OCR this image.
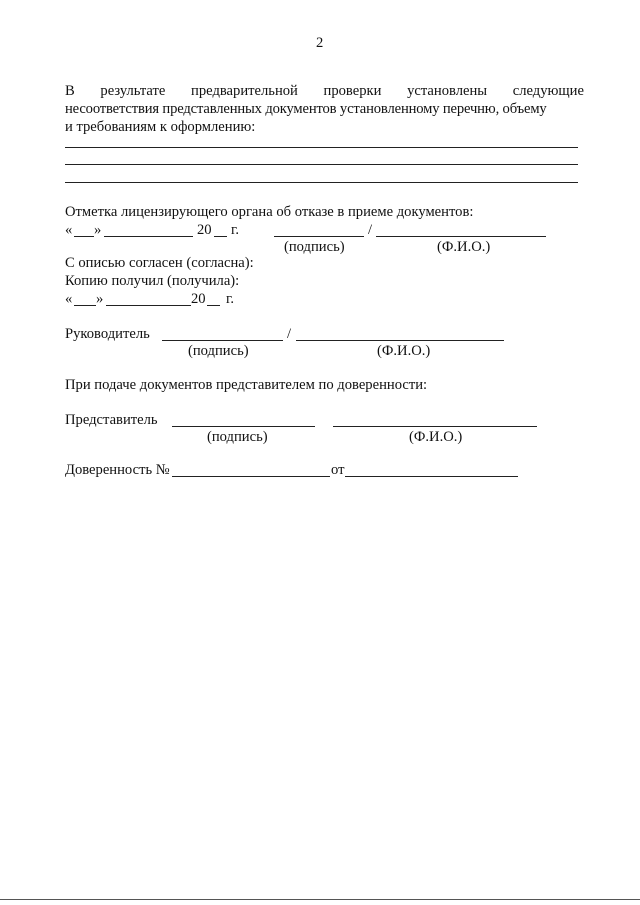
2
В результате предварительной проверки установлены следующие
несоответствия представленных документов установленному перечню, объему
и требованиям к оформлению:
Отметка лицензирующего органа об отказе в приеме документов:
« »	20 г.	/
(подпись)	(Ф.И.О.)
С описью согласен (согласна):
Копию получил (получила):
« »	20 г.
Руководитель	/
(подпись)	(Ф.И.О.)
При подаче документов представителем по доверенности:
Представитель
(подпись)	(Ф.И.О.)
Доверенность №	от
